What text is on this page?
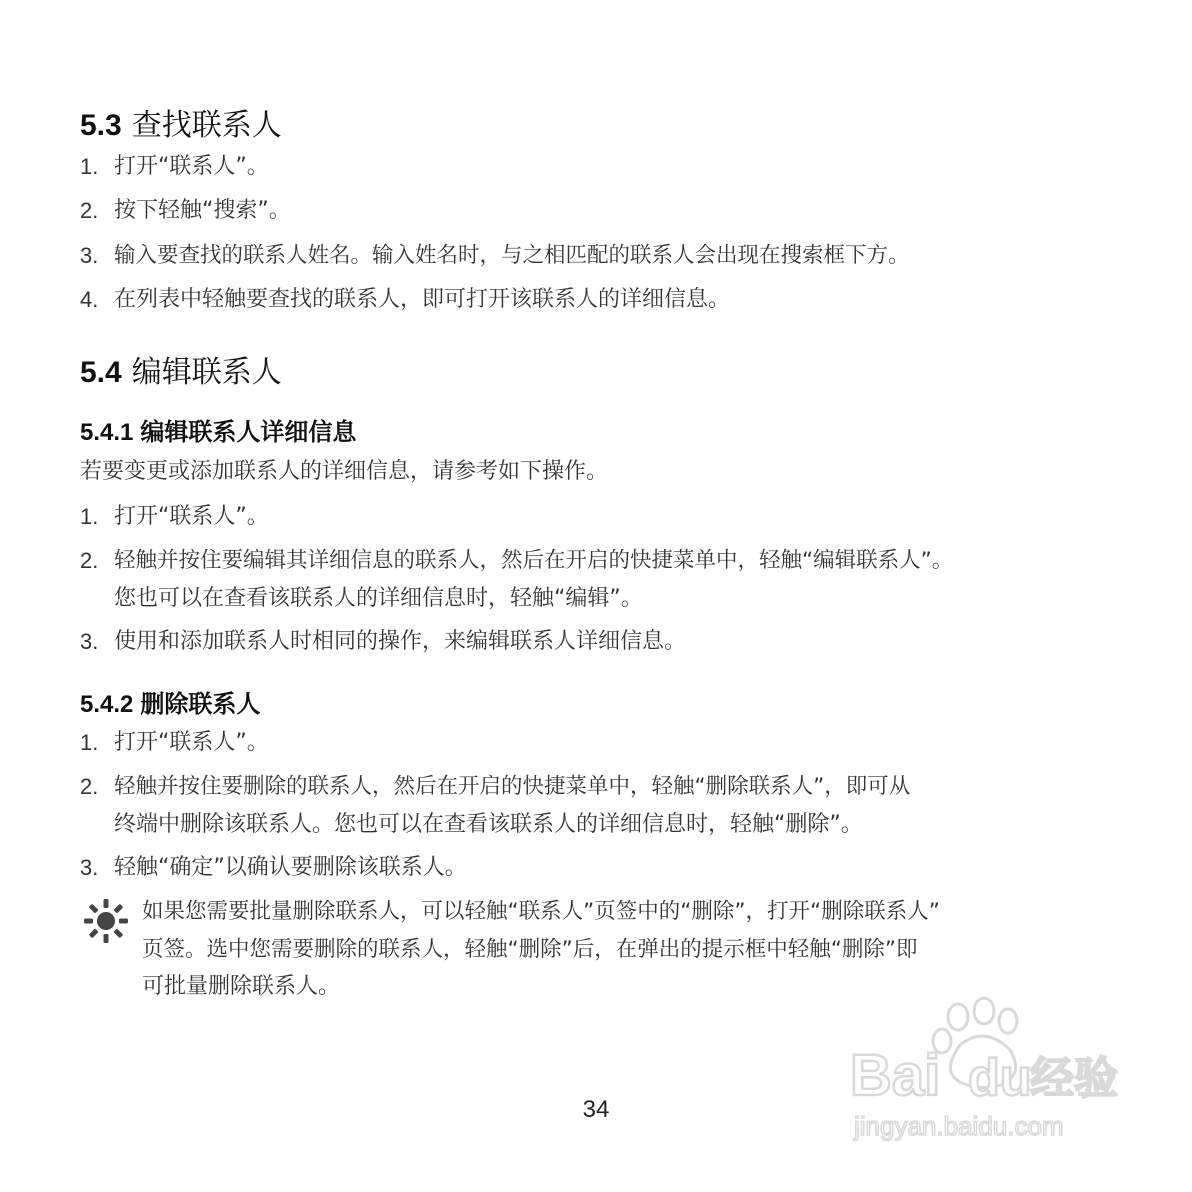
5.3 查找联系人
1. 打开“联系人”。
2. 按下轻触“搜索”。
3. 输入要查找的联系人姓名。输入姓名时，与之相匹配的联系人会出现在搜索框下方。
4. 在列表中轻触要查找的联系人，即可打开该联系人的详细信息。
5.4 编辑联系人
5.4.1 编辑联系人详细信息
若要变更或添加联系人的详细信息，请参考如下操作。
1. 打开“联系人”。
2. 轻触并按住要编辑其详细信息的联系人，然后在开启的快捷菜单中，轻触“编辑联系人”。
您也可以在查看该联系人的详细信息时，轻触“编辑”。
3. 使用和添加联系人时相同的操作，来编辑联系人详细信息。
5.4.2 删除联系人
1. 打开“联系人”。
2. 轻触并按住要删除的联系人，然后在开启的快捷菜单中，轻触“删除联系人”，即可从
终端中删除该联系人。您也可以在查看该联系人的详细信息时，轻触“删除”。
3. 轻触“确定”以确认要删除该联系人。
如果您需要批量删除联系人，可以轻触“联系人”页签中的“删除”，打开“删除联系人”
页签。选中您需要删除的联系人，轻触“删除”后，在弹出的提示框中轻触“删除”即
可批量删除联系人。
Bai du
经验
jingyan.baidu.com
34
